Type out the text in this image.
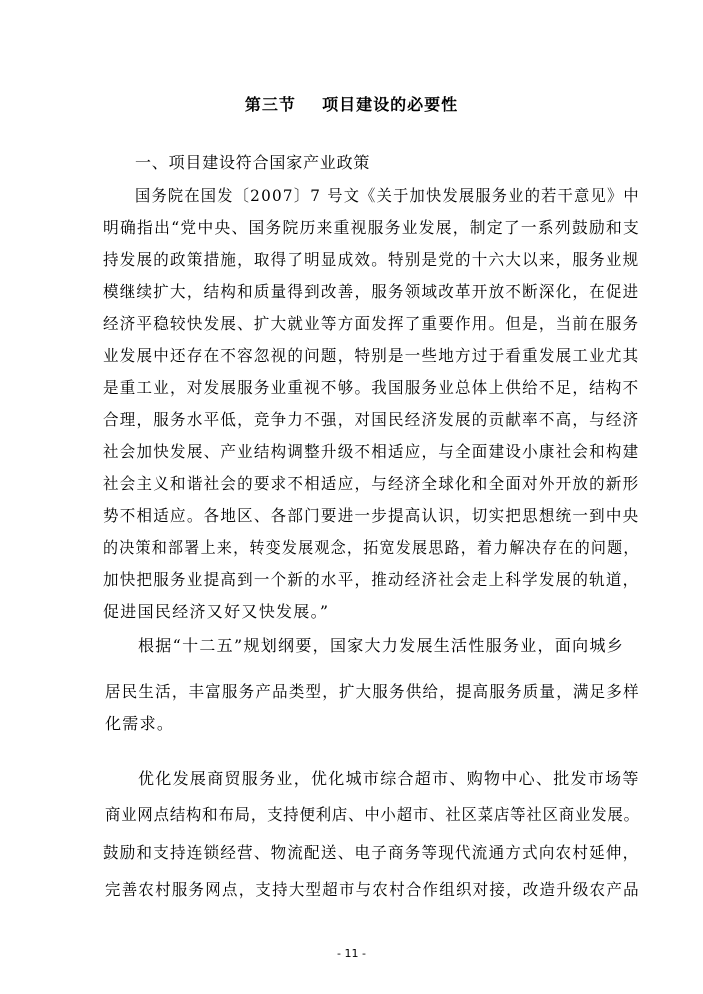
第三节    项目建设的必要性
一、项目建设符合国家产业政策
国务院在国发〔2007〕7 号文《关于加快发展服务业的若干意见》中
明确指出“党中央、国务院历来重视服务业发展，制定了一系列鼓励和支
持发展的政策措施，取得了明显成效。特别是党的十六大以来，服务业规
模继续扩大，结构和质量得到改善，服务领域改革开放不断深化，在促进
经济平稳较快发展、扩大就业等方面发挥了重要作用。但是，当前在服务
业发展中还存在不容忽视的问题，特别是一些地方过于看重发展工业尤其
是重工业，对发展服务业重视不够。我国服务业总体上供给不足，结构不
合理，服务水平低，竞争力不强，对国民经济发展的贡献率不高，与经济
社会加快发展、产业结构调整升级不相适应，与全面建设小康社会和构建
社会主义和谐社会的要求不相适应，与经济全球化和全面对外开放的新形
势不相适应。各地区、各部门要进一步提高认识，切实把思想统一到中央
的决策和部署上来，转变发展观念，拓宽发展思路，着力解决存在的问题，
加快把服务业提高到一个新的水平，推动经济社会走上科学发展的轨道，
促进国民经济又好又快发展。”
根据“十二五”规划纲要，国家大力发展生活性服务业，面向城乡
居民生活，丰富服务产品类型，扩大服务供给，提高服务质量，满足多样
化需求。
优化发展商贸服务业，优化城市综合超市、购物中心、批发市场等
商业网点结构和布局，支持便利店、中小超市、社区菜店等社区商业发展。
鼓励和支持连锁经营、物流配送、电子商务等现代流通方式向农村延伸，
完善农村服务网点，支持大型超市与农村合作组织对接，改造升级农产品
- 11 -
